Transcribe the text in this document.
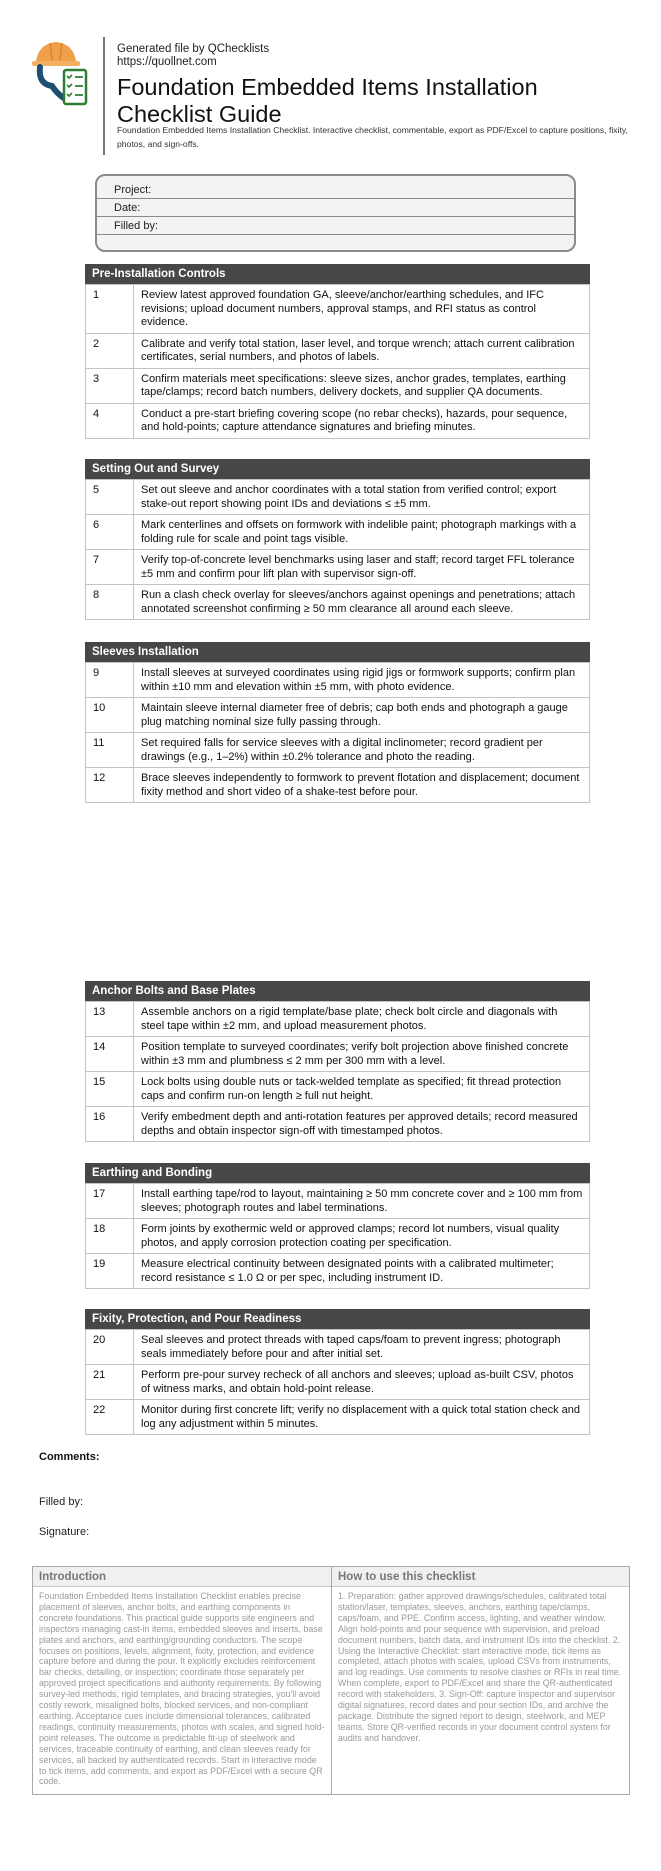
Generated file by QChecklists
https://quollnet.com
Foundation Embedded Items Installation Checklist Guide
Foundation Embedded Items Installation Checklist. Interactive checklist, commentable, export as PDF/Excel to capture positions, fixity, photos, and sign-offs.
Project:
Date:
Filled by:
Pre-Installation Controls
1	Review latest approved foundation GA, sleeve/anchor/earthing schedules, and IFC revisions; upload document numbers, approval stamps, and RFI status as control evidence.
2	Calibrate and verify total station, laser level, and torque wrench; attach current calibration certificates, serial numbers, and photos of labels.
3	Confirm materials meet specifications: sleeve sizes, anchor grades, templates, earthing tape/clamps; record batch numbers, delivery dockets, and supplier QA documents.
4	Conduct a pre-start briefing covering scope (no rebar checks), hazards, pour sequence, and hold-points; capture attendance signatures and briefing minutes.
Setting Out and Survey
5	Set out sleeve and anchor coordinates with a total station from verified control; export stake-out report showing point IDs and deviations ≤ ±5 mm.
6	Mark centerlines and offsets on formwork with indelible paint; photograph markings with a folding rule for scale and point tags visible.
7	Verify top-of-concrete level benchmarks using laser and staff; record target FFL tolerance ±5 mm and confirm pour lift plan with supervisor sign-off.
8	Run a clash check overlay for sleeves/anchors against openings and penetrations; attach annotated screenshot confirming ≥ 50 mm clearance all around each sleeve.
Sleeves Installation
9	Install sleeves at surveyed coordinates using rigid jigs or formwork supports; confirm plan within ±10 mm and elevation within ±5 mm, with photo evidence.
10	Maintain sleeve internal diameter free of debris; cap both ends and photograph a gauge plug matching nominal size fully passing through.
11	Set required falls for service sleeves with a digital inclinometer; record gradient per drawings (e.g., 1–2%) within ±0.2% tolerance and photo the reading.
12	Brace sleeves independently to formwork to prevent flotation and displacement; document fixity method and short video of a shake-test before pour.
Anchor Bolts and Base Plates
13	Assemble anchors on a rigid template/base plate; check bolt circle and diagonals with steel tape within ±2 mm, and upload measurement photos.
14	Position template to surveyed coordinates; verify bolt projection above finished concrete within ±3 mm and plumbness ≤ 2 mm per 300 mm with a level.
15	Lock bolts using double nuts or tack-welded template as specified; fit thread protection caps and confirm run-on length ≥ full nut height.
16	Verify embedment depth and anti-rotation features per approved details; record measured depths and obtain inspector sign-off with timestamped photos.
Earthing and Bonding
17	Install earthing tape/rod to layout, maintaining ≥ 50 mm concrete cover and ≥ 100 mm from sleeves; photograph routes and label terminations.
18	Form joints by exothermic weld or approved clamps; record lot numbers, visual quality photos, and apply corrosion protection coating per specification.
19	Measure electrical continuity between designated points with a calibrated multimeter; record resistance ≤ 1.0 Ω or per spec, including instrument ID.
Fixity, Protection, and Pour Readiness
20	Seal sleeves and protect threads with taped caps/foam to prevent ingress; photograph seals immediately before pour and after initial set.
21	Perform pre-pour survey recheck of all anchors and sleeves; upload as-built CSV, photos of witness marks, and obtain hold-point release.
22	Monitor during first concrete lift; verify no displacement with a quick total station check and log any adjustment within 5 minutes.
Comments:
Filled by:
Signature:
Introduction
Foundation Embedded Items Installation Checklist enables precise placement of sleeves, anchor bolts, and earthing components in concrete foundations. This practical guide supports site engineers and inspectors managing cast-in items, embedded sleeves and inserts, base plates and anchors, and earthing/grounding conductors. The scope focuses on positions, levels, alignment, fixity, protection, and evidence capture before and during the pour. It explicitly excludes reinforcement bar checks, detailing, or inspection; coordinate those separately per approved project specifications and authority requirements. By following survey-led methods, rigid templates, and bracing strategies, you'll avoid costly rework, misaligned bolts, blocked services, and non-compliant earthing. Acceptance cues include dimensional tolerances, calibrated readings, continuity measurements, photos with scales, and signed hold-point releases. The outcome is predictable fit-up of steelwork and services, traceable continuity of earthing, and clean sleeves ready for services, all backed by authenticated records. Start in interactive mode to tick items, add comments, and export as PDF/Excel with a secure QR code.
How to use this checklist
1. Preparation: gather approved drawings/schedules, calibrated total station/laser, templates, sleeves, anchors, earthing tape/clamps, caps/foam, and PPE. Confirm access, lighting, and weather window. Align hold-points and pour sequence with supervision, and preload document numbers, batch data, and instrument IDs into the checklist. 2. Using the Interactive Checklist: start interactive mode, tick items as completed, attach photos with scales, upload CSVs from instruments, and log readings. Use comments to resolve clashes or RFIs in real time. When complete, export to PDF/Excel and share the QR-authenticated record with stakeholders. 3. Sign-Off: capture inspector and supervisor digital signatures, record dates and pour section IDs, and archive the package. Distribute the signed report to design, steelwork, and MEP teams. Store QR-verified records in your document control system for audits and handover.
